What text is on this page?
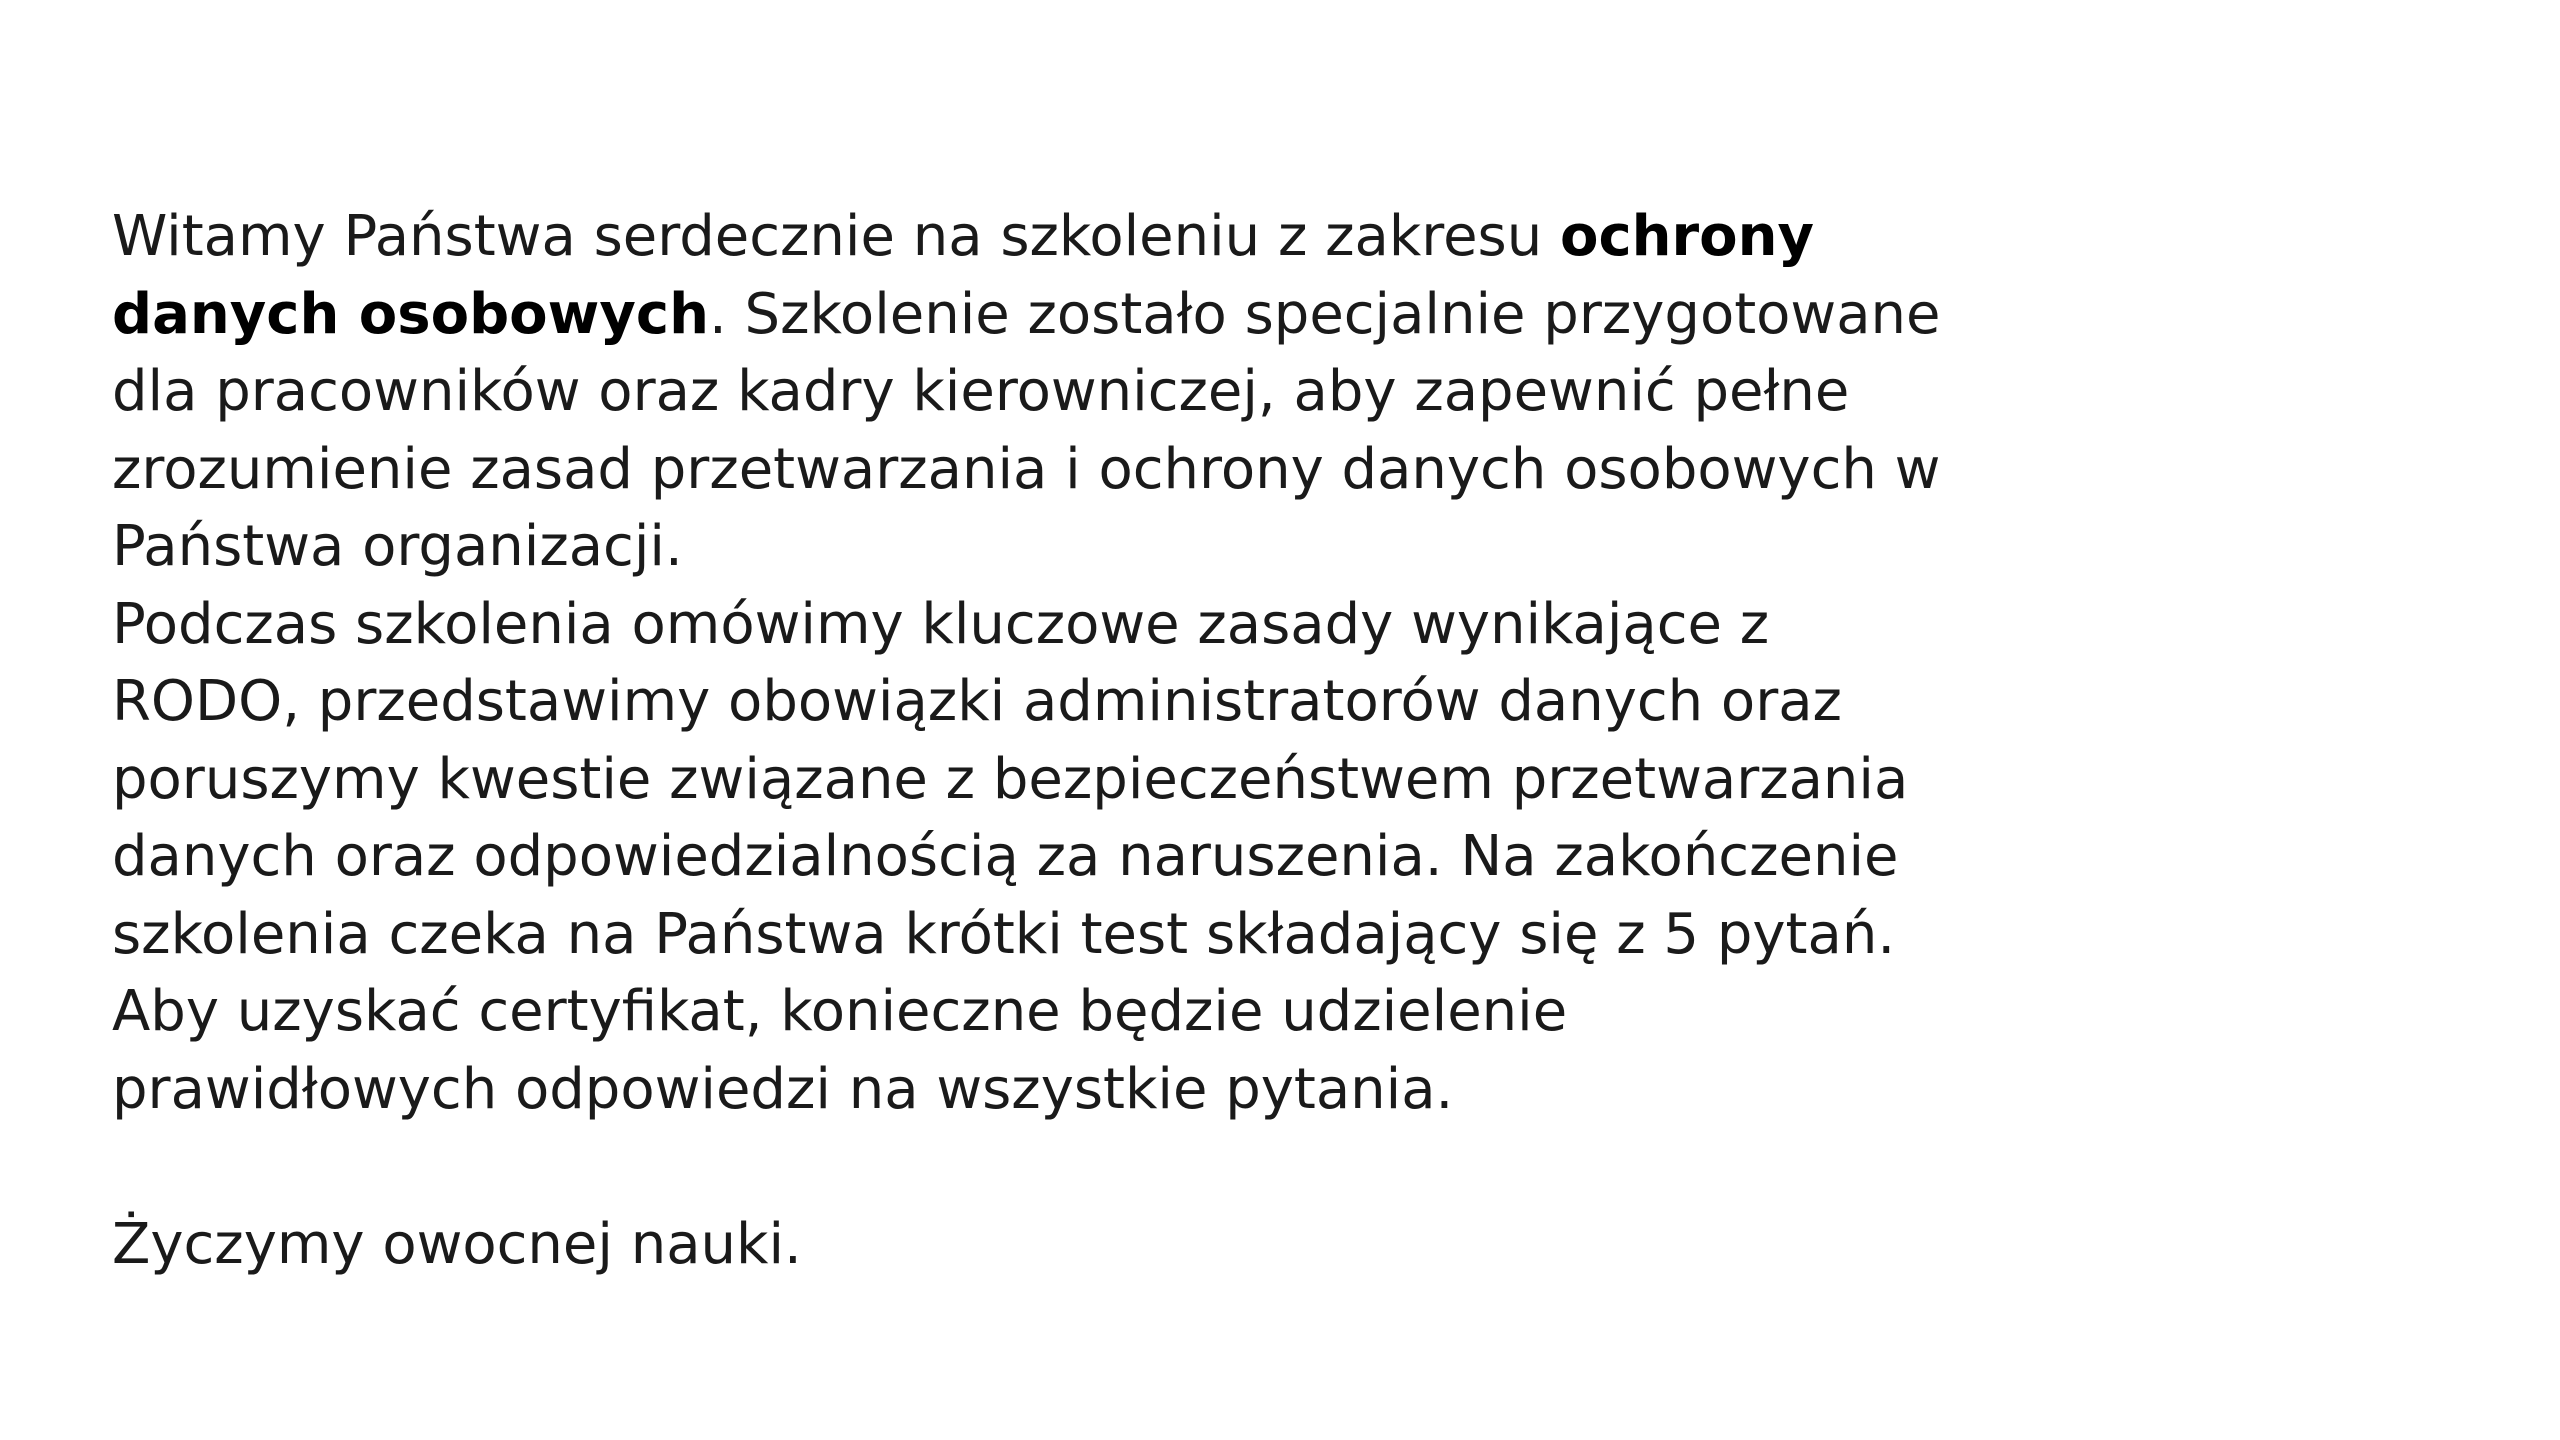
Witamy Państwa serdecznie na szkoleniu z zakresu ochrony
danych osobowych. Szkolenie zostało specjalnie przygotowane
dla pracowników oraz kadry kierowniczej, aby zapewnić pełne
zrozumienie zasad przetwarzania i ochrony danych osobowych w
Państwa organizacji.
Podczas szkolenia omówimy kluczowe zasady wynikające z
RODO, przedstawimy obowiązki administratorów danych oraz
poruszymy kwestie związane z bezpieczeństwem przetwarzania
danych oraz odpowiedzialnością za naruszenia. Na zakończenie
szkolenia czeka na Państwa krótki test składający się z 5 pytań.
Aby uzyskać certyfikat, konieczne będzie udzielenie
prawidłowych odpowiedzi na wszystkie pytania.
Życzymy owocnej nauki.
